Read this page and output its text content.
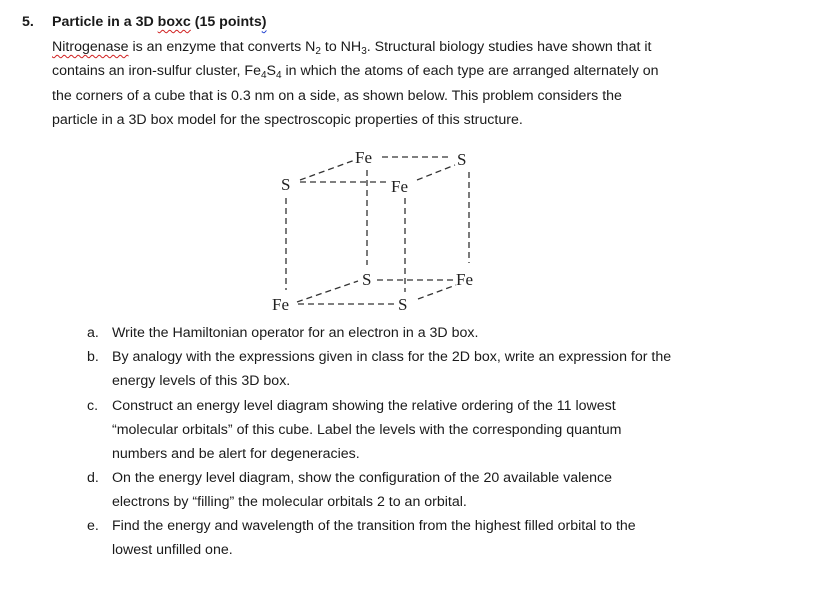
5. Particle in a 3D boxc (15 points)
Nitrogenase is an enzyme that converts $N_2$ to $NH_3$. Structural biology studies have shown that it
contains an iron-sulfur cluster, $Fe_4S_4$ in which the atoms of each type are arranged alternately on
the corners of a cube that is 0.3 nm on a side, as shown below. This problem considers the
particle in a 3D box model for the spectroscopic properties of this structure.
Fe	S
S	Fe
S	Fe
Fe	S
a. Write the Hamiltonian operator for an electron in a 3D box.
b. By analogy with the expressions given in class for the 2D box, write an expression for the
energy levels of this 3D box.
c. Construct an energy level diagram showing the relative ordering of the 11 lowest
“molecular orbitals” of this cube. Label the levels with the corresponding quantum
numbers and be alert for degeneracies.
d. On the energy level diagram, show the configuration of the 20 available valence
electrons by “filling” the molecular orbitals 2 to an orbital.
e. Find the energy and wavelength of the transition from the highest filled orbital to the
lowest unfilled one.
